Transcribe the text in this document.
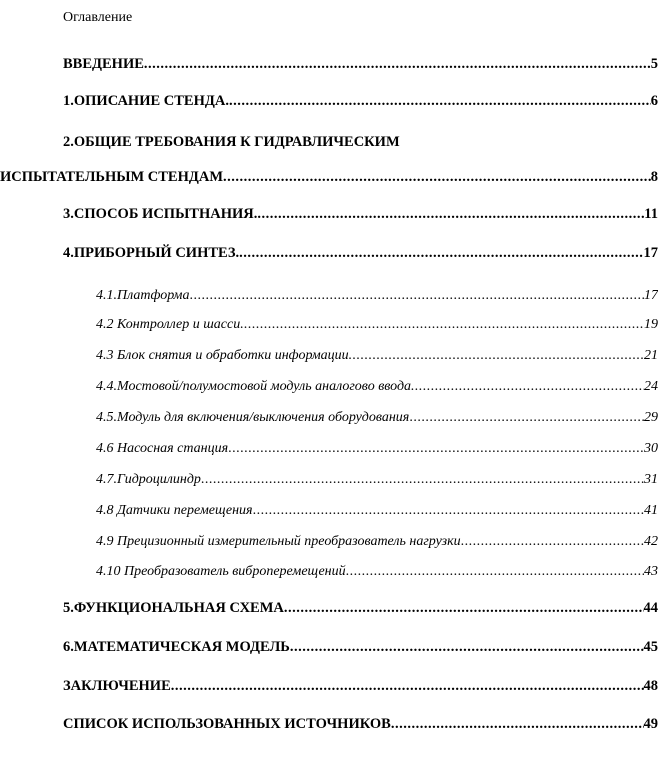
Оглавление
ВВЕДЕНИЕ .....	5
1.ОПИСАНИЕ СТЕНДА. .....	6
2.ОБЩИЕ ТРЕБОВАНИЯ К ГИДРАВЛИЧЕСКИМ
ИСПЫТАТЕЛЬНЫМ СТЕНДАМ .....	8
3.СПОСОБ ИСПЫТНАНИЯ. .....	11
4.ПРИБОРНЫЙ СИНТЕЗ. .....	17
4.1.Платформа .....	17
4.2 Контроллер и шасси. .....	19
4.3 Блок снятия и обработки информации. .....	21
4.4.Мостовой/полумостовой модуль аналогово ввода. .....	24
4.5.Модуль для включения/выключения оборудования .....	29
4.6 Насосная станция .....	30
4.7.Гидроцилиндр .....	31
4.8 Датчики перемещения .....	41
4.9 Прецизионный измерительный преобразователь нагрузки .....	42
4.10 Преобразователь виброперемещений .....	43
5.ФУНКЦИОНАЛЬНАЯ СХЕМА .....	44
6.МАТЕМАТИЧЕСКАЯ МОДЕЛЬ .....	45
ЗАКЛЮЧЕНИЕ .....	48
СПИСОК ИСПОЛЬЗОВАННЫХ ИСТОЧНИКОВ .....	49
